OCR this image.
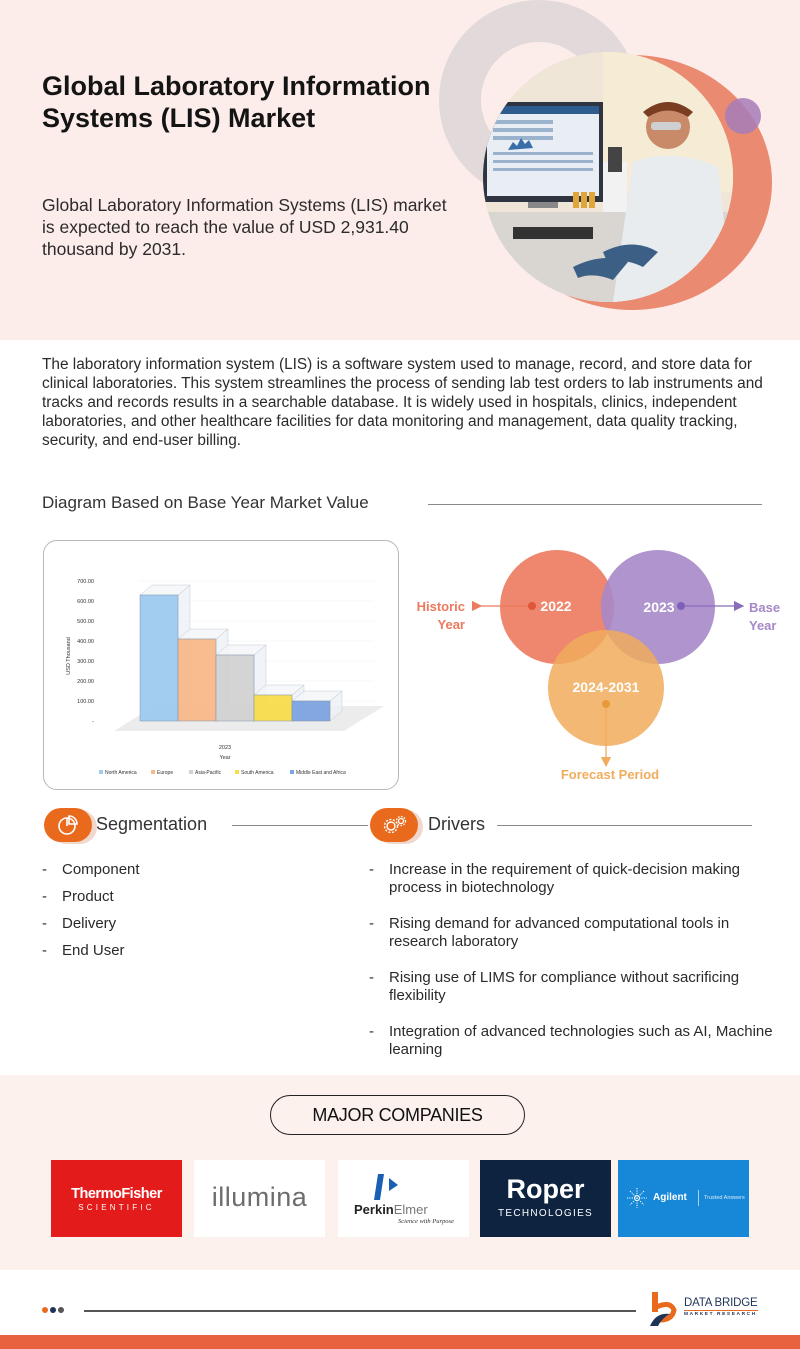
Global Laboratory Information Systems (LIS) Market

Global Laboratory Information Systems (LIS) market is expected to reach the value of USD 2,931.40 thousand by 2031.

The laboratory information system (LIS) is a software system used to manage, record, and store data for clinical laboratories. This system streamlines the process of sending lab test orders to lab instruments and tracks and records results in a searchable database. It is widely used in hospitals, clinics, independent laboratories, and other healthcare facilities for data monitoring and management, data quality tracking, security, and end-user billing.

Diagram Based on Base Year Market Value
-
100.00
200.00
300.00
400.00
500.00
600.00
700.00
USD Thousand
2023
Year
North America	Europe	Asia-Pacific	South America	Middle East and Africa
2022	2023
2024-2031
Historic
Year
Base
Year
Forecast Period
Segmentation
- Component
- Product
- Delivery
- End User
Drivers
- Increase in the requirement of quick-decision making process in biotechnology
- Rising demand for advanced computational tools in research laboratory
- Rising use of LIMS for compliance without sacrificing flexibility
- Integration of advanced technologies such as AI, Machine learning
MAJOR COMPANIES
ThermoFisher
SCIENTIFIC	illumina	PerkinElmer
Science with Purpose
Roper
TECHNOLOGIES
Agilent	Trusted Answers
DATA BRIDGE
MARKET RESEARCH
